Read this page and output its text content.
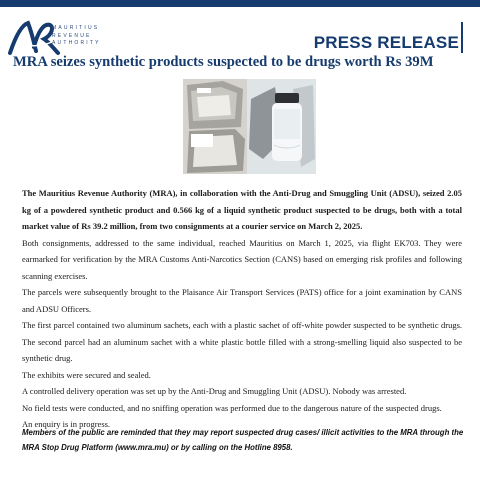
MAURITIUS
REVENUE
AUTHORITY	PRESS RELEASE
MRA seizes synthetic products suspected to be drugs worth Rs 39M

The Mauritius Revenue Authority (MRA), in collaboration with the Anti-Drug and Smuggling Unit (ADSU), seized 2.05 kg of a powdered synthetic product and 0.566 kg of a liquid synthetic product suspected to be drugs, both with a total market value of Rs 39.2 million, from two consignments at a courier service on March 2, 2025.

Both consignments, addressed to the same individual, reached Mauritius on March 1, 2025, via flight EK703. They were earmarked for verification by the MRA Customs Anti-Narcotics Section (CANS) based on emerging risk profiles and following scanning exercises.

The parcels were subsequently brought to the Plaisance Air Transport Services (PATS) office for a joint examination by CANS and ADSU Officers.

The first parcel contained two aluminum sachets, each with a plastic sachet of off-white powder suspected to be synthetic drugs. The second parcel had an aluminum sachet with a white plastic bottle filled with a strong-smelling liquid also suspected to be synthetic drug.

The exhibits were secured and sealed.

A controlled delivery operation was set up by the Anti-Drug and Smuggling Unit (ADSU). Nobody was arrested.

No field tests were conducted, and no sniffing operation was performed due to the dangerous nature of the suspected drugs.

An enquiry is in progress.

Members of the public are reminded that they may report suspected drug cases/ illicit activities to the MRA through the MRA Stop Drug Platform (www.mra.mu) or by calling on the Hotline 8958.
